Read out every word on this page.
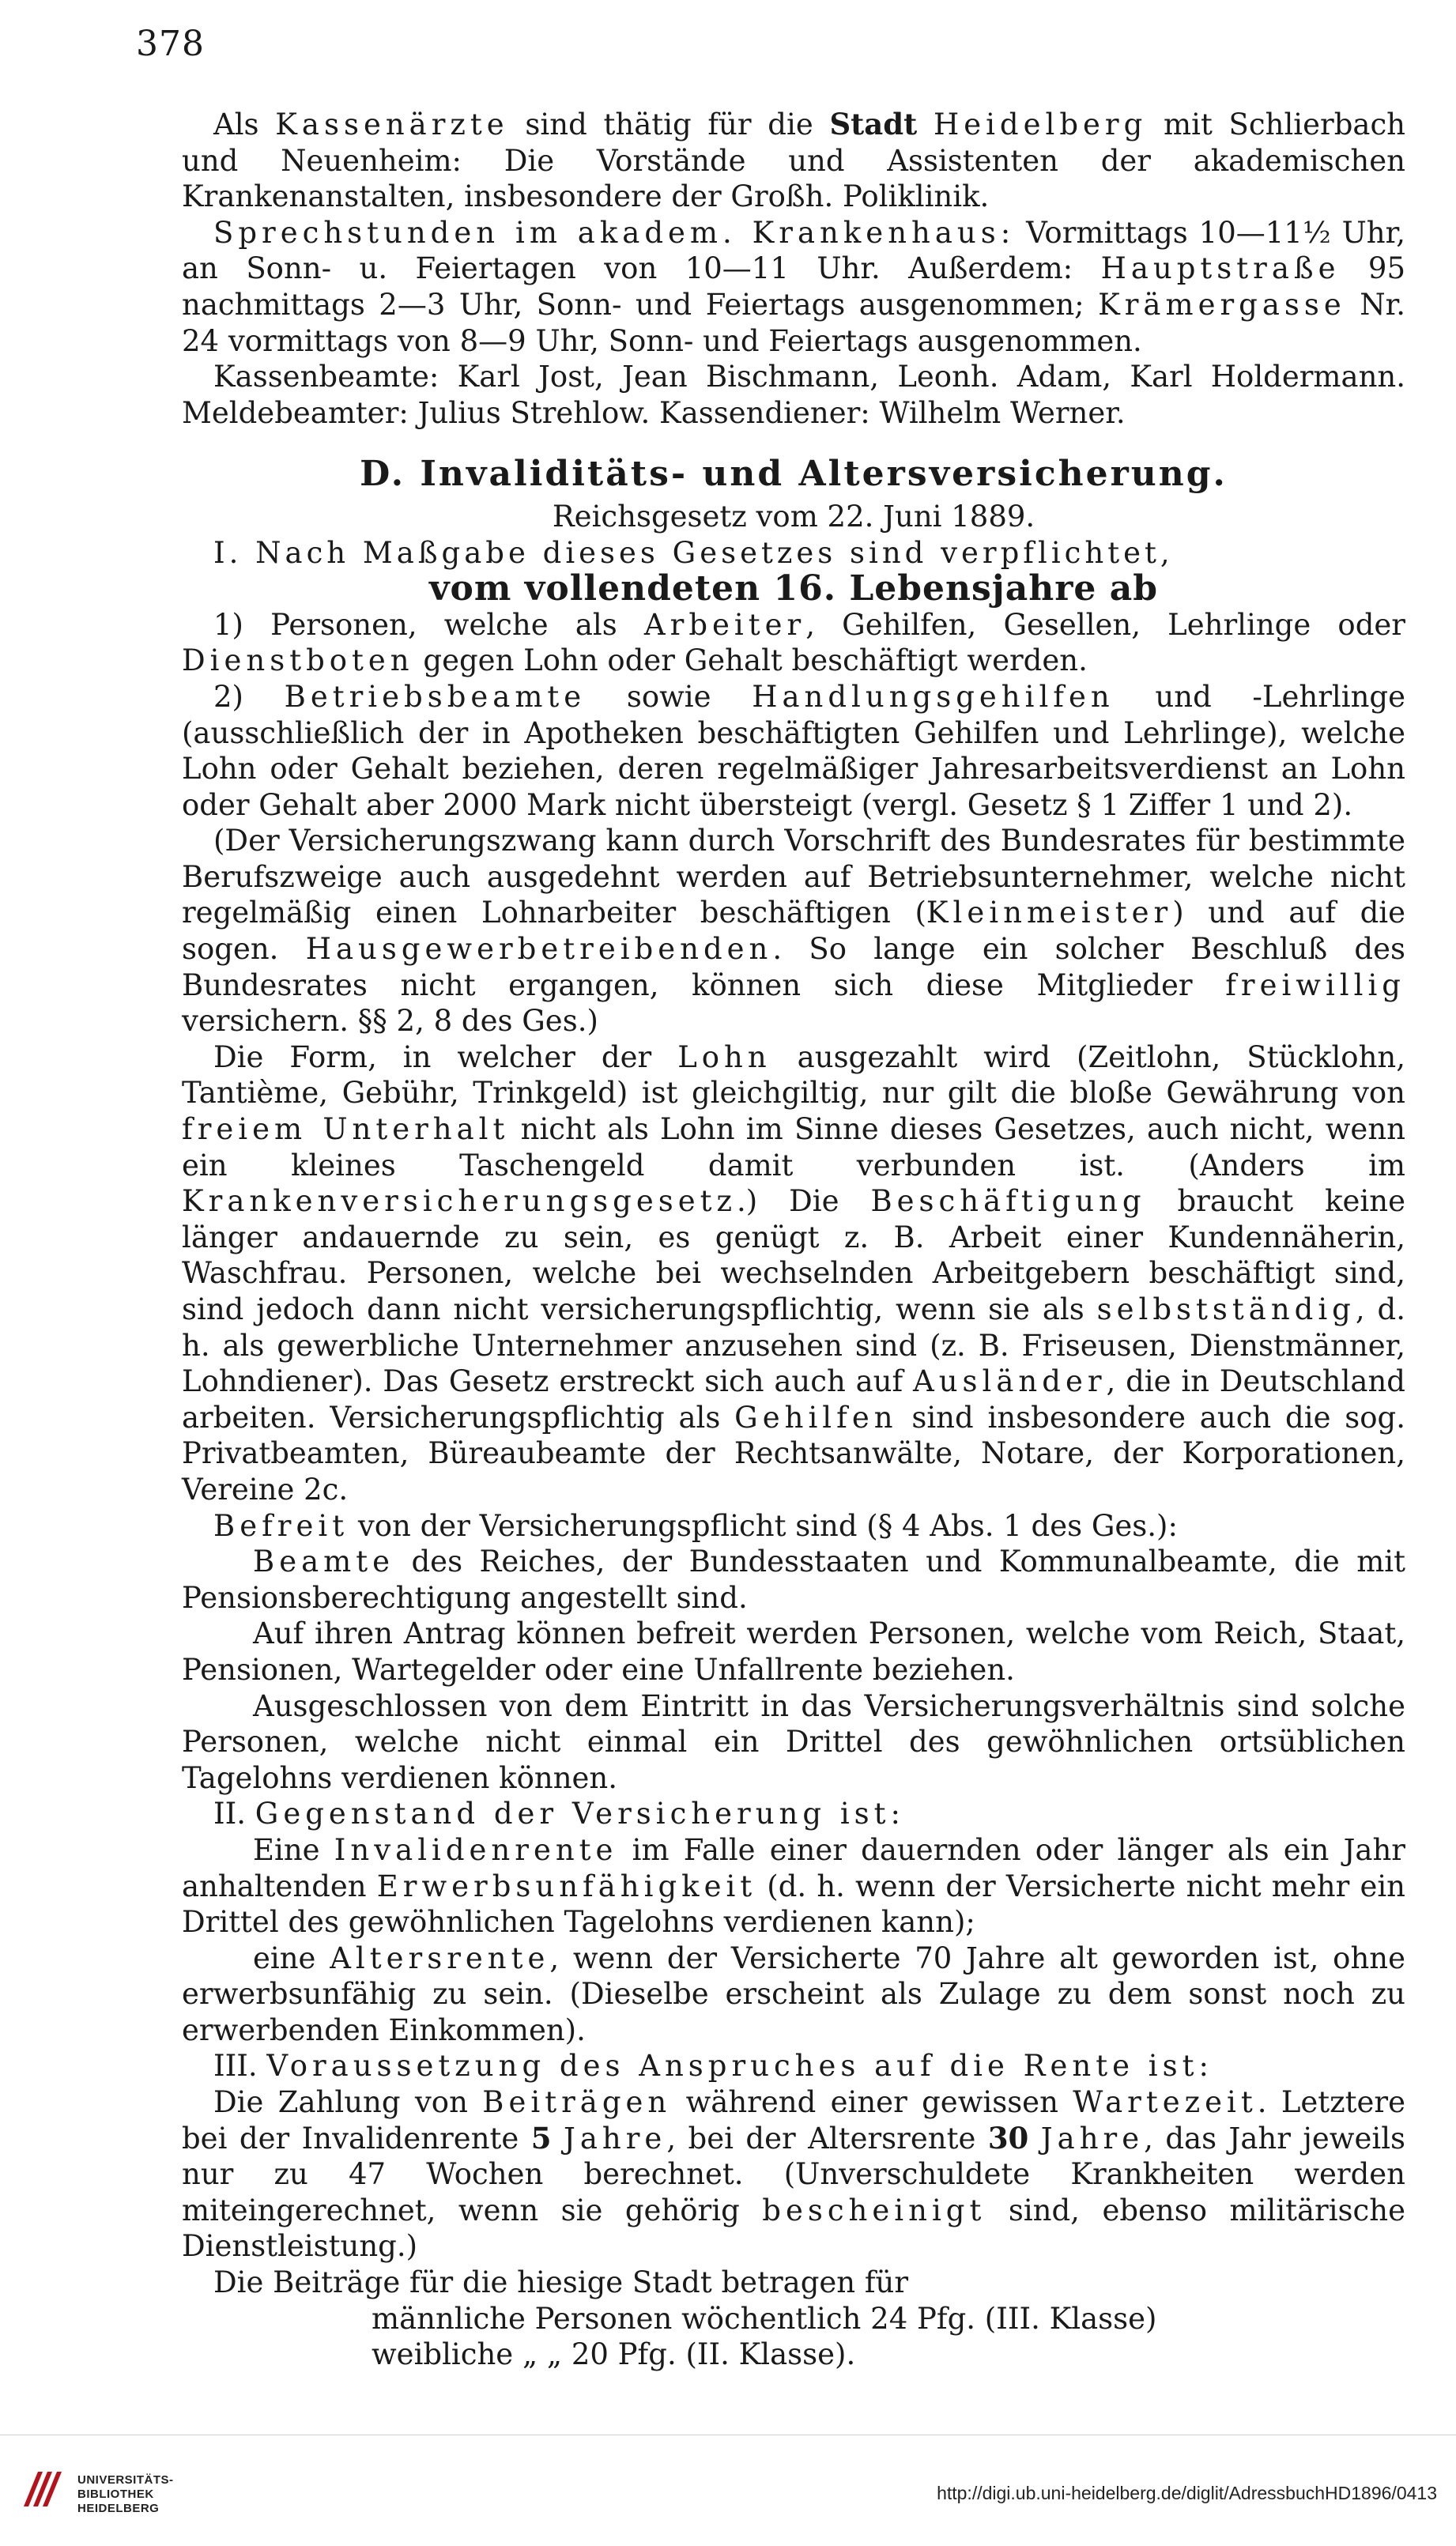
378

Als Kassenärzte sind thätig für die Stadt Heidelberg mit Schlierbach und Neuenheim: Die Vorstände und Assistenten der akademischen Krankenanstalten, insbesondere der Großh. Poliklinik.

Sprechstunden im akadem. Krankenhaus: Vormittags 10—11½ Uhr, an Sonn- u. Feiertagen von 10—11 Uhr. Außerdem: Hauptstraße 95 nachmittags 2—3 Uhr, Sonn- und Feiertags ausgenommen; Krämergasse Nr. 24 vormittags von 8—9 Uhr, Sonn- und Feiertags ausgenommen.

Kassenbeamte: Karl Jost, Jean Bischmann, Leonh. Adam, Karl Holdermann. Meldebeamter: Julius Strehlow. Kassendiener: Wilhelm Werner.

D. Invaliditäts- und Altersversicherung.

Reichsgesetz vom 22. Juni 1889.

I. Nach Maßgabe dieses Gesetzes sind verpflichtet,

vom vollendeten 16. Lebensjahre ab

1) Personen, welche als Arbeiter, Gehilfen, Gesellen, Lehrlinge oder Dienstboten gegen Lohn oder Gehalt beschäftigt werden.

2) Betriebsbeamte sowie Handlungsgehilfen und -Lehrlinge (ausschließlich der in Apotheken beschäftigten Gehilfen und Lehrlinge), welche Lohn oder Gehalt beziehen, deren regelmäßiger Jahresarbeitsverdienst an Lohn oder Gehalt aber 2000 Mark nicht übersteigt (vergl. Gesetz § 1 Ziffer 1 und 2).

(Der Versicherungszwang kann durch Vorschrift des Bundesrates für bestimmte Berufszweige auch ausgedehnt werden auf Betriebsunternehmer, welche nicht regelmäßig einen Lohnarbeiter beschäftigen (Kleinmeister) und auf die sogen. Hausgewerbetreibenden. So lange ein solcher Beschluß des Bundesrates nicht ergangen, können sich diese Mitglieder freiwillig versichern. §§ 2, 8 des Ges.)

Die Form, in welcher der Lohn ausgezahlt wird (Zeitlohn, Stücklohn, Tantième, Gebühr, Trinkgeld) ist gleichgiltig, nur gilt die bloße Gewährung von freiem Unterhalt nicht als Lohn im Sinne dieses Gesetzes, auch nicht, wenn ein kleines Taschengeld damit verbunden ist. (Anders im Krankenversicherungsgesetz.) Die Beschäftigung braucht keine länger andauernde zu sein, es genügt z. B. Arbeit einer Kundennäherin, Waschfrau. Personen, welche bei wechselnden Arbeitgebern beschäftigt sind, sind jedoch dann nicht versicherungspflichtig, wenn sie als selbstständig, d. h. als gewerbliche Unternehmer anzusehen sind (z. B. Friseusen, Dienstmänner, Lohndiener). Das Gesetz erstreckt sich auch auf Ausländer, die in Deutschland arbeiten. Versicherungspflichtig als Gehilfen sind insbesondere auch die sog. Privatbeamten, Büreaubeamte der Rechtsanwälte, Notare, der Korporationen, Vereine 2c.

Befreit von der Versicherungspflicht sind (§ 4 Abs. 1 des Ges.):

Beamte des Reiches, der Bundesstaaten und Kommunalbeamte, die mit Pensionsberechtigung angestellt sind.

Auf ihren Antrag können befreit werden Personen, welche vom Reich, Staat, Pensionen, Wartegelder oder eine Unfallrente beziehen.

Ausgeschlossen von dem Eintritt in das Versicherungsverhältnis sind solche Personen, welche nicht einmal ein Drittel des gewöhnlichen ortsüblichen Tagelohns verdienen können.

II. Gegenstand der Versicherung ist:

Eine Invalidenrente im Falle einer dauernden oder länger als ein Jahr anhaltenden Erwerbsunfähigkeit (d. h. wenn der Versicherte nicht mehr ein Drittel des gewöhnlichen Tagelohns verdienen kann);

eine Altersrente, wenn der Versicherte 70 Jahre alt geworden ist, ohne erwerbsunfähig zu sein. (Dieselbe erscheint als Zulage zu dem sonst noch zu erwerbenden Einkommen).

III. Voraussetzung des Anspruches auf die Rente ist:

Die Zahlung von Beiträgen während einer gewissen Wartezeit. Letztere bei der Invalidenrente 5 Jahre, bei der Altersrente 30 Jahre, das Jahr jeweils nur zu 47 Wochen berechnet. (Unverschuldete Krankheiten werden miteingerechnet, wenn sie gehörig bescheinigt sind, ebenso militärische Dienstleistung.)

Die Beiträge für die hiesige Stadt betragen für

männliche Personen wöchentlich 24 Pfg. (III. Klasse)

weibliche „ „ 20 Pfg. (II. Klasse).

UNIVERSITÄTS-
BIBLIOTHEK
HEIDELBERG
http://digi.ub.uni-heidelberg.de/diglit/AdressbuchHD1896/0413
